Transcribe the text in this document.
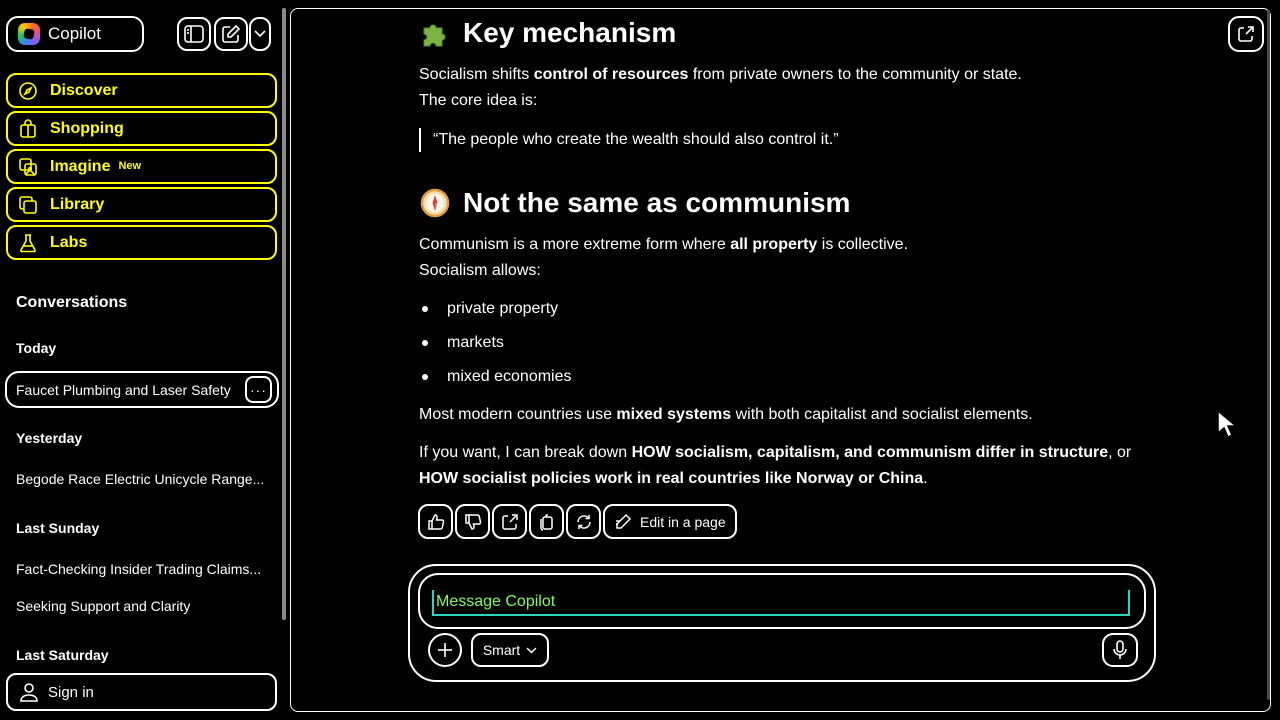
Copilot
Discover
Shopping
Imagine New
Library
Labs
Conversations
Today
Faucet Plumbing and Laser Safety	···
Yesterday
Begode Race Electric Unicycle Range...
Last Sunday
Fact-Checking Insider Trading Claims...
Seeking Support and Clarity
Last Saturday
Sign in
Key mechanism
Socialism shifts control of resources from private owners to the community or state.
The core idea is:
“The people who create the wealth should also control it.”
Not the same as communism
Communism is a more extreme form where all property is collective.
Socialism allows:
private property
markets
mixed economies
Most modern countries use mixed systems with both capitalist and socialist elements.
If you want, I can break down HOW socialism, capitalism, and communism differ in structure, or
HOW socialist policies work in real countries like Norway or China.
Edit in a page
Message Copilot
Smart
